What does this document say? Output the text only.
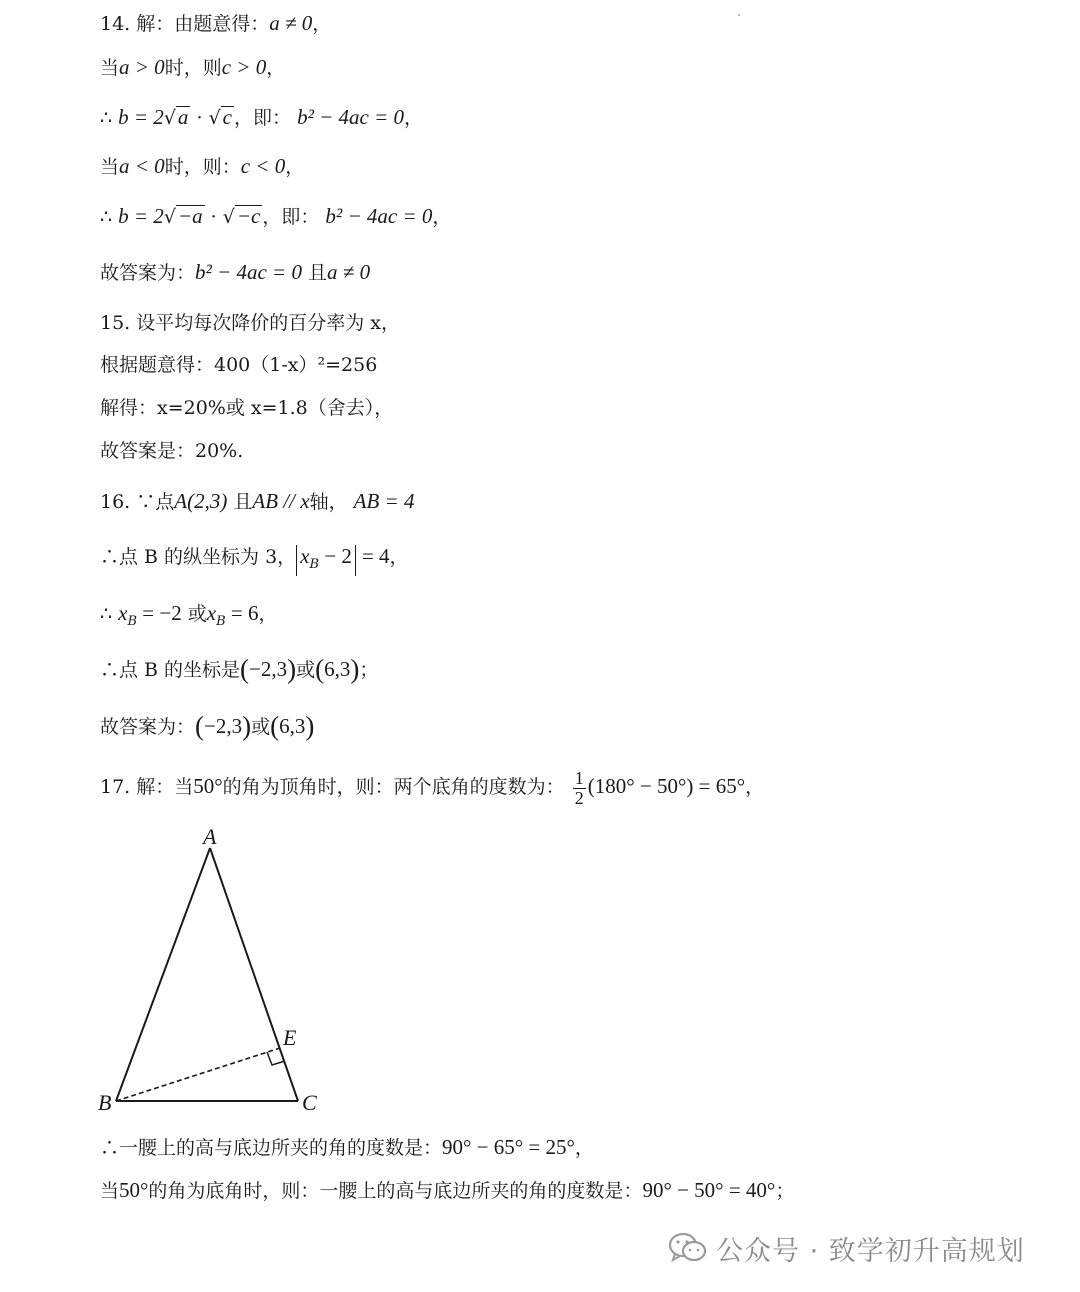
14. 解：由题意得：a ≠ 0，
当a > 0时，则c > 0，
∴ b = 2√a · √c ，即： b² − 4ac = 0，
当a < 0时，则：c < 0，
∴ b = 2√−a · √−c ，即： b² − 4ac = 0，
故答案为：b² − 4ac = 0 且a ≠ 0
15. 设平均每次降价的百分率为 x，
根据题意得：400（1-x）²=256
解得：x=20%或 x=1.8（舍去），
故答案是：20%.
16. ∵点A(2,3) 且AB // x轴， AB = 4
∴点 B 的纵坐标为 3， $x_B - 2 = 4$，
∴ $x_B = -2$ 或$x_B = 6$，
∴点 B 的坐标是(−2,3)或(6,3)；
故答案为：(−2,3)或(6,3)
17. 解：当50°的角为顶角时，则：两个底角的度数为： $\frac{1}{2} (180^\circ - 50^\circ) = 65^\circ$，
A
B	C
E
∴一腰上的高与底边所夹的角的度数是：90° − 65° = 25°，
当50°的角为底角时，则：一腰上的高与底边所夹的角的度数是：90° − 50° = 40°；
公众号 · 致学初升高规划
